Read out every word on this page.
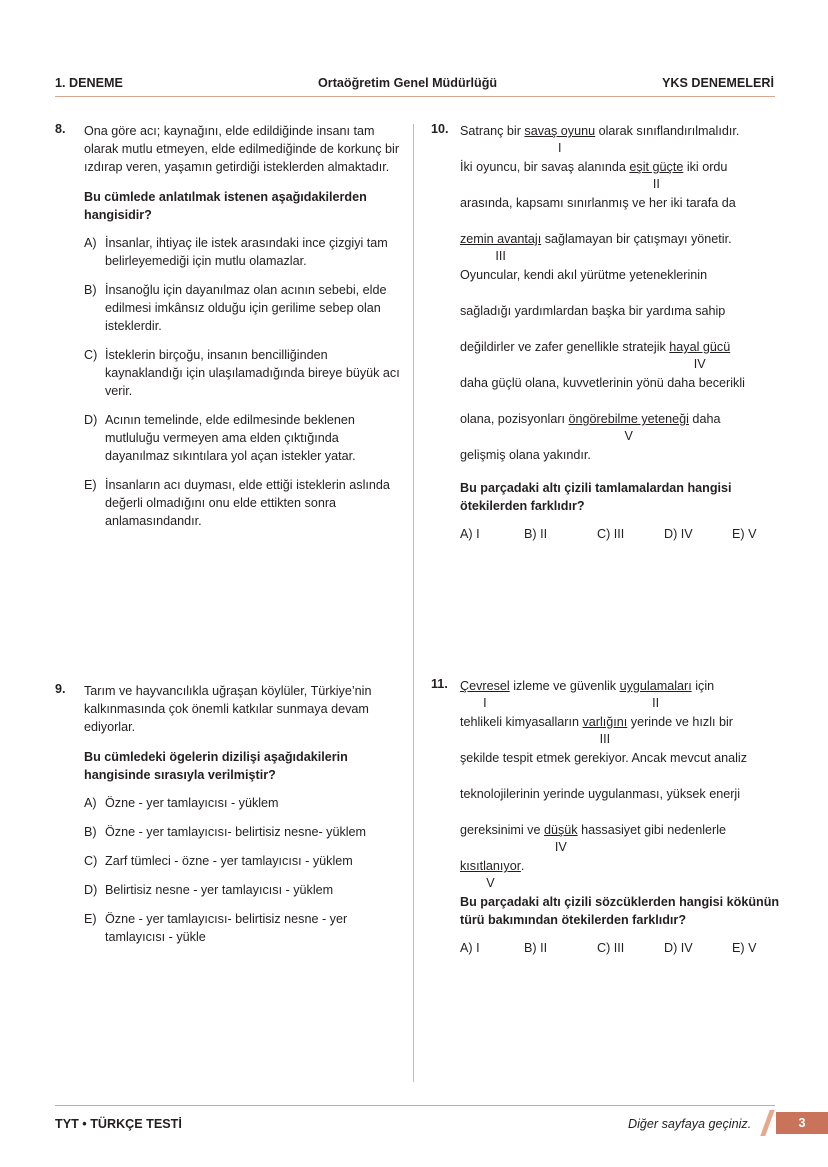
1. DENEME	Ortaöğretim Genel Müdürlüğü	YKS DENEMELERİ
8. Ona göre acı; kaynağını, elde edildiğinde insanı tam olarak mutlu etmeyen, elde edilmediğinde de korkunç bir ızdırap veren, yaşamın getirdiği isteklerden almaktadır.
Bu cümlede anlatılmak istenen aşağıdakilerden hangisidir?
A) İnsanlar, ihtiyaç ile istek arasındaki ince çizgiyi tam belirleyemediği için mutlu olamazlar.
B) İnsanoğlu için dayanılmaz olan acının sebebi, elde edilmesi imkânsız olduğu için gerilime sebep olan isteklerdir.
C) İsteklerin birçoğu, insanın bencilliğinden kaynaklandığı için ulaşılamadığında bireye büyük acı verir.
D) Acının temelinde, elde edilmesinde beklenen mutluluğu vermeyen ama elden çıktığında dayanılmaz sıkıntılara yol açan istekler yatar.
E) İnsanların acı duyması, elde ettiği isteklerin aslında değerli olmadığını onu elde ettikten sonra anlamasındandır.
9. Tarım ve hayvancılıkla uğraşan köylüler, Türkiye’nin kalkınmasında çok önemli katkılar sunmaya devam ediyorlar.
Bu cümledeki ögelerin dizilişi aşağıdakilerin hangisinde sırasıyla verilmiştir?
A) Özne - yer tamlayıcısı - yüklem
B) Özne - yer tamlayıcısı- belirtisiz nesne- yüklem
C) Zarf tümleci - özne - yer tamlayıcısı - yüklem
D) Belirtisiz nesne - yer tamlayıcısı - yüklem
E) Özne - yer tamlayıcısı- belirtisiz nesne - yer tamlayıcısı - yükle
10. Satranç bir savaş oyunu
I
olarak sınıflandırılmalıdır.
İki oyuncu, bir savaş alanında eşit güçte
II
iki ordu
arasında, kapsamı sınırlanmış ve her iki tarafa da
zemin avantajı
III
sağlamayan bir çatışmayı yönetir.
Oyuncular, kendi akıl yürütme yeteneklerinin
sağladığı yardımlardan başka bir yardıma sahip
değildirler ve zafer genellikle stratejik hayal gücü
IV
daha güçlü olana, kuvvetlerinin yönü daha becerikli
olana, pozisyonları öngörebilme yeteneği
V
daha
gelişmiş olana yakındır.
Bu parçadaki altı çizili tamlamalardan hangisi ötekilerden farklıdır?
A) I	B) II	C) III	D) IV	E) V
11. Çevresel
I
izleme ve güvenlik uygulamaları
II
için
tehlikeli kimyasalların varlığını
III
yerinde ve hızlı bir
şekilde tespit etmek gerekiyor. Ancak mevcut analiz
teknolojilerinin yerinde uygulanması, yüksek enerji
gereksinimi ve düşük
IV
hassasiyet gibi nedenlerle
kısıtlanıyor
V
.
Bu parçadaki altı çizili sözcüklerden hangisi kökünün türü bakımından ötekilerden farklıdır?
A) I	B) II	C) III	D) IV	E) V
TYT • TÜRKÇE TESTİ	Diğer sayfaya geçiniz.	3
